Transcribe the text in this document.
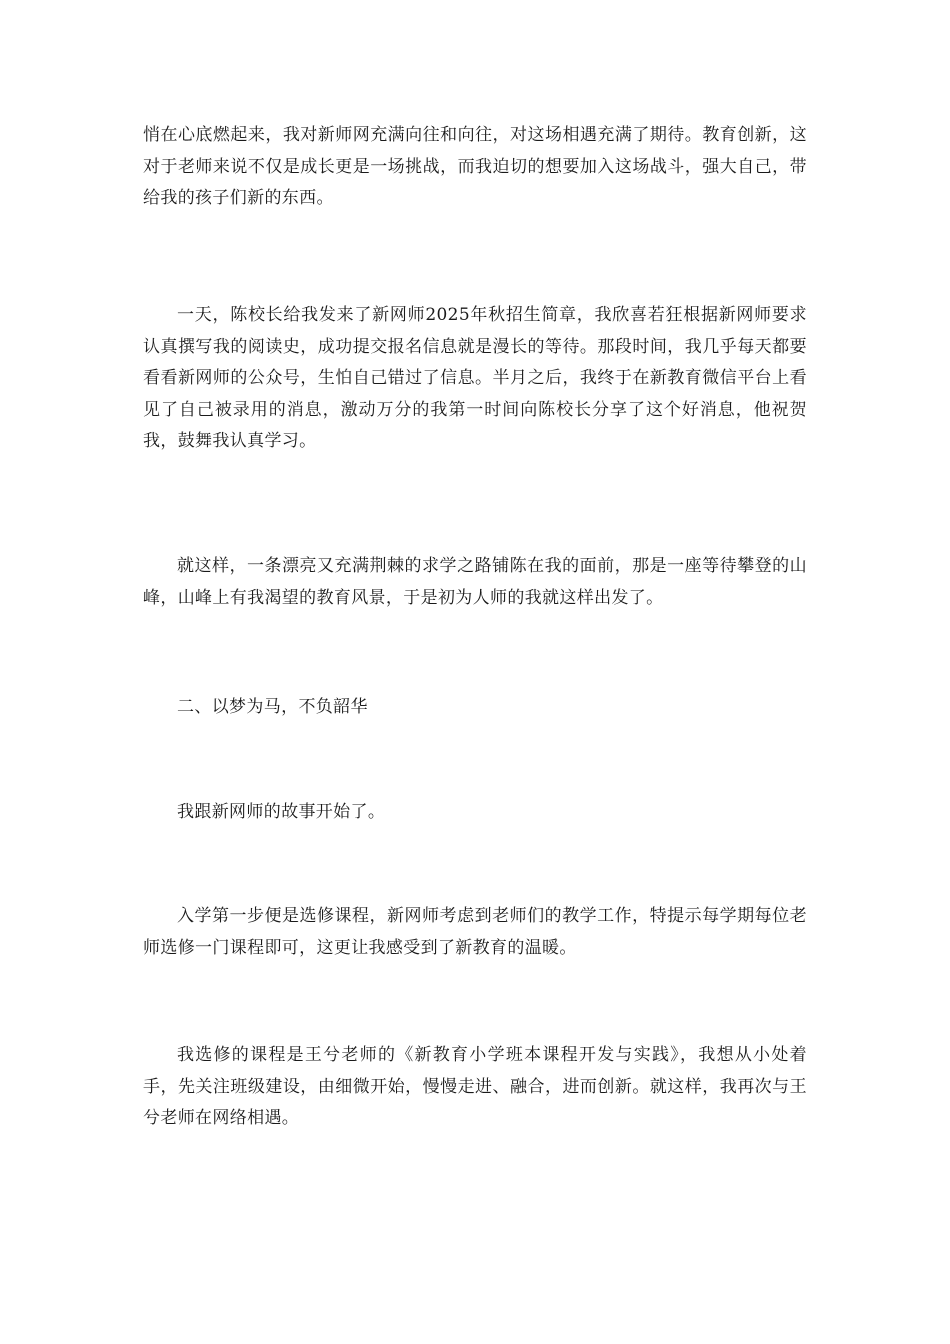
悄在心底燃起来，我对新师网充满向往和向往，对这场相遇充满了期待。教育创新，这对于老师来说不仅是成长更是一场挑战，而我迫切的想要加入这场战斗，强大自己，带给我的孩子们新的东西。

一天，陈校长给我发来了新网师2025年秋招生简章，我欣喜若狂根据新网师要求认真撰写我的阅读史，成功提交报名信息就是漫长的等待。那段时间，我几乎每天都要看看新网师的公众号，生怕自己错过了信息。半月之后，我终于在新教育微信平台上看见了自己被录用的消息，激动万分的我第一时间向陈校长分享了这个好消息，他祝贺我，鼓舞我认真学习。

就这样，一条漂亮又充满荆棘的求学之路铺陈在我的面前，那是一座等待攀登的山峰，山峰上有我渴望的教育风景，于是初为人师的我就这样出发了。

二、以梦为马，不负韶华

我跟新网师的故事开始了。

入学第一步便是选修课程，新网师考虑到老师们的教学工作，特提示每学期每位老师选修一门课程即可，这更让我感受到了新教育的温暖。

我选修的课程是王兮老师的《新教育小学班本课程开发与实践》，我想从小处着手，先关注班级建设，由细微开始，慢慢走进、融合，进而创新。就这样，我再次与王兮老师在网络相遇。
